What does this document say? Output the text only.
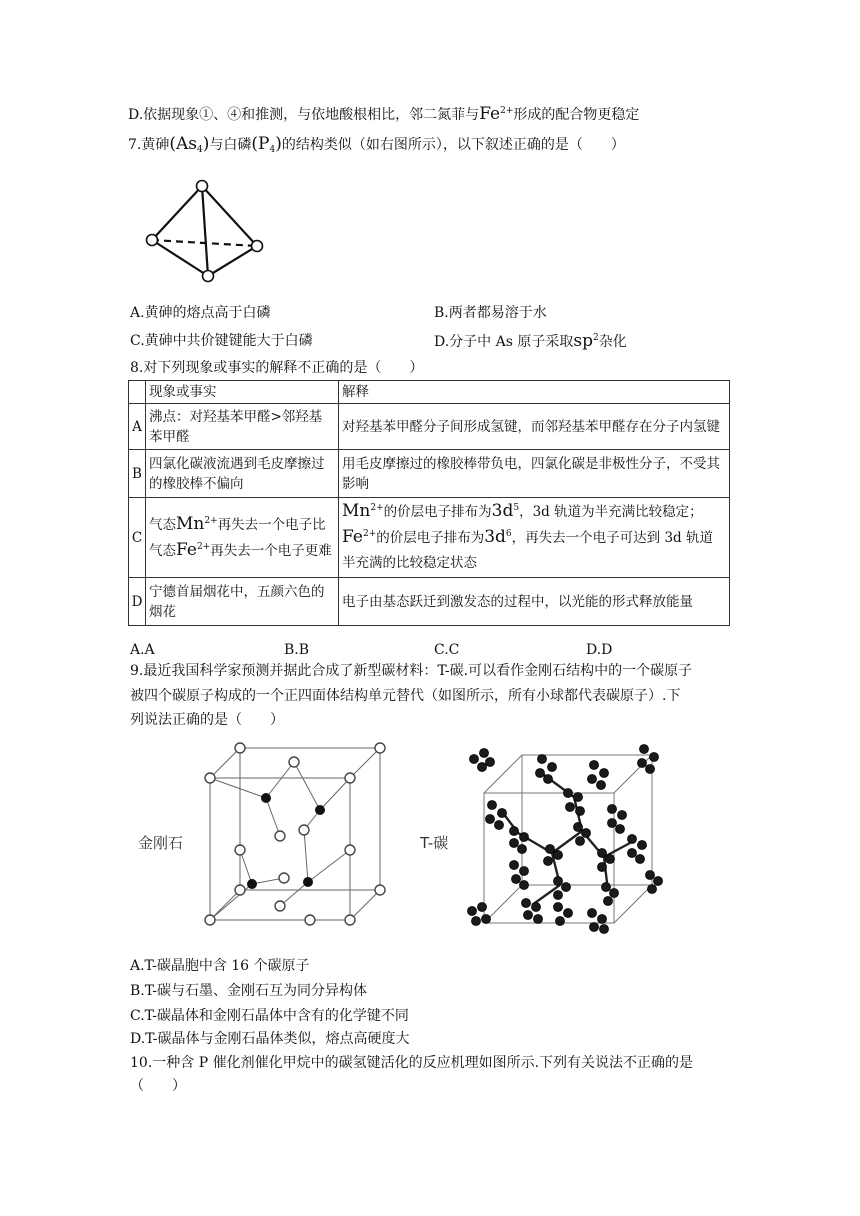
D.依据现象①、④和推测，与依地酸根相比，邻二氮菲与$Fe^{2+}$形成的配合物更稳定
7.黄砷$(As_4)$与白磷$(P_4)$的结构类似（如右图所示），以下叙述正确的是（　　）
A.黄砷的熔点高于白磷	B.两者都易溶于水
C.黄砷中共价键键能大于白磷	D.分子中 As 原子采取$sp^2$杂化
8.对下列现象或事实的解释不正确的是（　　）
	现象或事实	解释
A	沸点：对羟基苯甲醛>邻羟基苯甲醛	对羟基苯甲醛分子间形成氢键，而邻羟基苯甲醛存在分子内氢键
B	四氯化碳液流遇到毛皮摩擦过的橡胶棒不偏向	用毛皮摩擦过的橡胶棒带负电，四氯化碳是非极性分子，不受其影响
C	气态$Mn^{2+}$再失去一个电子比气态$Fe^{2+}$再失去一个电子更难	$Mn^{2+}$的价层电子排布为$3d^5$，3d 轨道为半充满比较稳定；$Fe^{2+}$的价层电子排布为$3d^6$，再失去一个电子可达到 3d 轨道半充满的比较稳定状态
D	宁德首届烟花中，五颜六色的烟花	电子由基态跃迁到激发态的过程中，以光能的形式释放能量
A.A	B.B	C.C	D.D
9.最近我国科学家预测并据此合成了新型碳材料：T-碳.可以看作金刚石结构中的一个碳原子
被四个碳原子构成的一个正四面体结构单元替代（如图所示，所有小球都代表碳原子）.下
列说法正确的是（　　）
金刚石	T-碳
A.T-碳晶胞中含 16 个碳原子
B.T-碳与石墨、金刚石互为同分异构体
C.T-碳晶体和金刚石晶体中含有的化学键不同
D.T-碳晶体与金刚石晶体类似，熔点高硬度大
10.一种含 P 催化剂催化甲烷中的碳氢键活化的反应机理如图所示.下列有关说法不正确的是
（　　）
